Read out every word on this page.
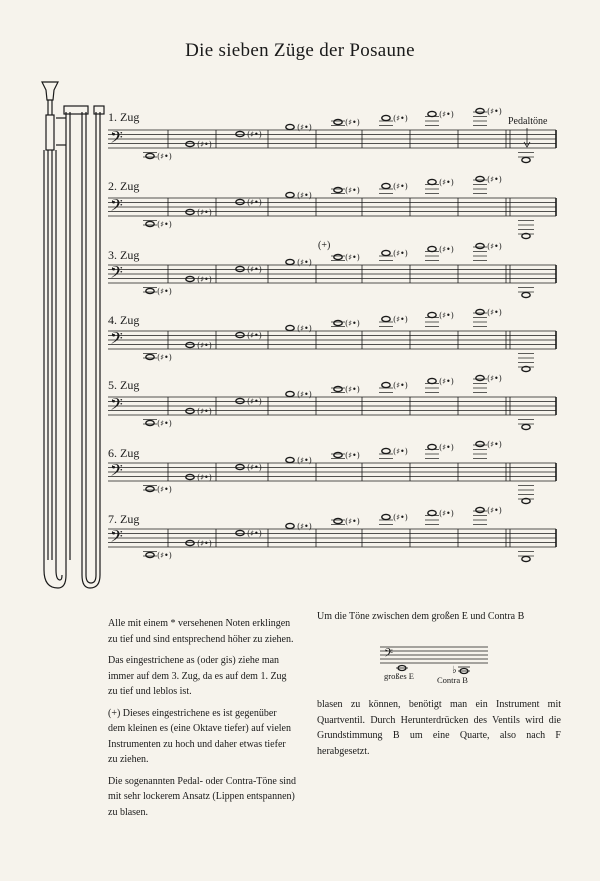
Die sieben Züge der Posaune
𝄢
(♯•)
(♯•)
(♯•)
(♯•)
(♯•)	(♯•)	(♯•)	(♯•)
𝄢
(♯•)
(♯•)
(♯•)
(♯•)
(♯•)	(♯•)	(♯•)	(♯•)
𝄢
(♯•)
(♯•)
(♯•)
(♯•)
(♯•)	(♯•)	(♯•)	(♯•)
𝄢
(♯•)
(♯•)
(♯•)
(♯•)
(♯•)	(♯•)	(♯•)	(♯•)
𝄢
(♯•)
(♯•)
(♯•)
(♯•)
(♯•)	(♯•)	(♯•)	(♯•)
𝄢
(♯•)
(♯•)
(♯•)
(♯•)
(♯•)	(♯•)	(♯•)	(♯•)
𝄢
(♯•)
(♯•)
(♯•)
(♯•)
(♯•)	(♯•)	(♯•)	(♯•)
1. Zug
2. Zug
3. Zug
4. Zug
5. Zug
6. Zug
7. Zug
Pedaltöne
(+)

Alle mit einem * versehenen Noten erklingen zu tief und sind entsprechend höher zu ziehen.

Das eingestrichene as (oder gis) ziehe man immer auf dem 3. Zug, da es auf dem 1. Zug zu tief und leblos ist.

(+) Dieses eingestrichene es ist gegenüber dem kleinen es (eine Oktave tiefer) auf vielen Instrumenten zu hoch und daher etwas tiefer zu ziehen.

Die sogenannten Pedal- oder Contra-Töne sind mit sehr lockerem Ansatz (Lippen entspannen) zu blasen.

Um die Töne zwischen dem großen E und Contra B
𝄢
♭
großes E	Contra B
blasen zu können, benötigt man ein Instrument mit Quartventil. Durch Herunterdrücken des Ventils wird die Grundstimmung B um eine Quarte, also nach F herabgesetzt.
